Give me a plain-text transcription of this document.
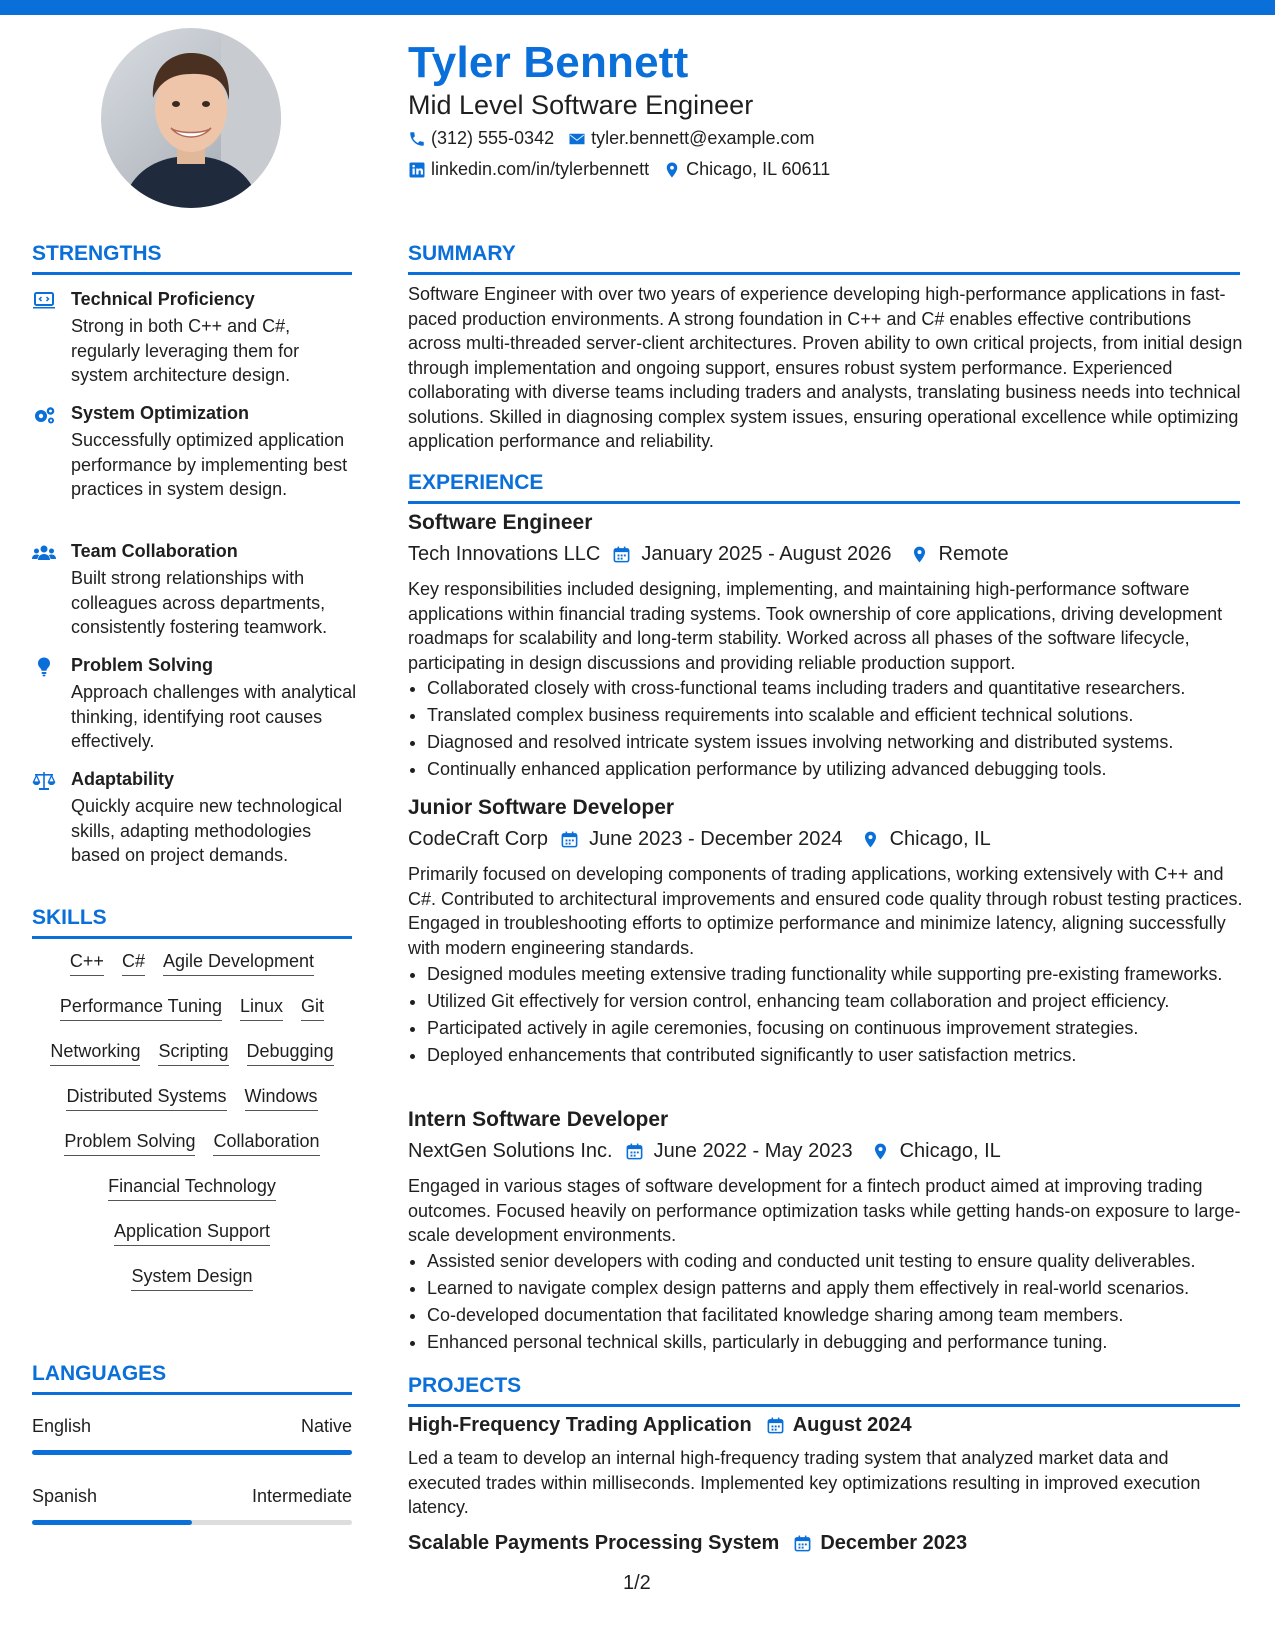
Tyler Bennett
Mid Level Software Engineer
(312) 555-0342 tyler.bennett@example.com
linkedin.com/in/tylerbennett Chicago, IL 60611
STRENGTHS
Technical Proficiency
Strong in both C++ and C#, regularly leveraging them for system architecture design.
System Optimization
Successfully optimized application performance by implementing best practices in system design.
Team Collaboration
Built strong relationships with colleagues across departments, consistently fostering teamwork.
Problem Solving
Approach challenges with analytical thinking, identifying root causes effectively.
Adaptability
Quickly acquire new technological skills, adapting methodologies based on project demands.
SKILLS
C++ C# Agile Development
Performance Tuning Linux Git
Networking Scripting Debugging
Distributed Systems Windows
Problem Solving Collaboration
Financial Technology
Application Support
System Design
LANGUAGES
English	Native
Spanish	Intermediate
SUMMARY
Software Engineer with over two years of experience developing high-performance applications in fast-paced production environments. A strong foundation in C++ and C# enables effective contributions across multi-threaded server-client architectures. Proven ability to own critical projects, from initial design through implementation and ongoing support, ensures robust system performance. Experienced collaborating with diverse teams including traders and analysts, translating business needs into technical solutions. Skilled in diagnosing complex system issues, ensuring operational excellence while optimizing application performance and reliability.
EXPERIENCE
Software Engineer
Tech Innovations LLC January 2025 - August 2026 Remote
Key responsibilities included designing, implementing, and maintaining high-performance software applications within financial trading systems. Took ownership of core applications, driving development roadmaps for scalability and long-term stability. Worked across all phases of the software lifecycle, participating in design discussions and providing reliable production support.
• Collaborated closely with cross-functional teams including traders and quantitative researchers.
• Translated complex business requirements into scalable and efficient technical solutions.
• Diagnosed and resolved intricate system issues involving networking and distributed systems.
• Continually enhanced application performance by utilizing advanced debugging tools.
Junior Software Developer
CodeCraft Corp June 2023 - December 2024 Chicago, IL
Primarily focused on developing components of trading applications, working extensively with C++ and C#. Contributed to architectural improvements and ensured code quality through robust testing practices. Engaged in troubleshooting efforts to optimize performance and minimize latency, aligning successfully with modern engineering standards.
• Designed modules meeting extensive trading functionality while supporting pre-existing frameworks.
• Utilized Git effectively for version control, enhancing team collaboration and project efficiency.
• Participated actively in agile ceremonies, focusing on continuous improvement strategies.
• Deployed enhancements that contributed significantly to user satisfaction metrics.
Intern Software Developer
NextGen Solutions Inc. June 2022 - May 2023 Chicago, IL
Engaged in various stages of software development for a fintech product aimed at improving trading outcomes. Focused heavily on performance optimization tasks while getting hands-on exposure to large-scale development environments.
• Assisted senior developers with coding and conducted unit testing to ensure quality deliverables.
• Learned to navigate complex design patterns and apply them effectively in real-world scenarios.
• Co-developed documentation that facilitated knowledge sharing among team members.
• Enhanced personal technical skills, particularly in debugging and performance tuning.
PROJECTS
High-Frequency Trading Application August 2024
Led a team to develop an internal high-frequency trading system that analyzed market data and executed trades within milliseconds. Implemented key optimizations resulting in improved execution latency.
Scalable Payments Processing System December 2023
1/2
